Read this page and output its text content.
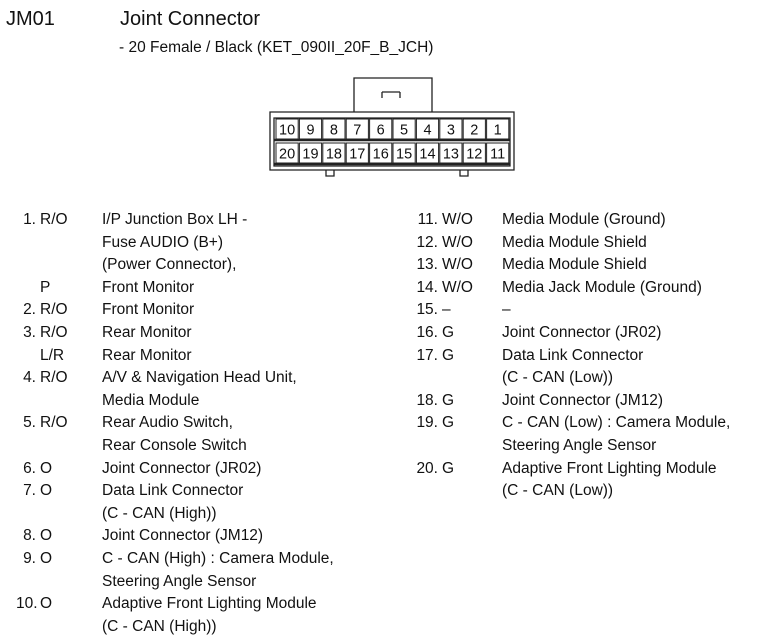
JM01	Joint Connector
- 20 Female / Black (KET_090II_20F_B_JCH)
10 9 8 7 6 5 4 3 2 1
20 19 18 17 16 15 14 13 12 11
1. R/O I/P Junction Box LH -
Fuse AUDIO (B+)
(Power Connector),
P	Front Monitor
2. R/O Front Monitor
3. R/O Rear Monitor
L/R Rear Monitor
4. R/O A/V & Navigation Head Unit,
Media Module
5. R/O Rear Audio Switch,
Rear Console Switch
6. O	Joint Connector (JR02)
7. O	Data Link Connector
(C - CAN (High))
8. O	Joint Connector (JM12)
9. O	C - CAN (High) : Camera Module,
Steering Angle Sensor
10. O	Adaptive Front Lighting Module
(C - CAN (High))
11. W/O Media Module (Ground)
12. W/O Media Module Shield
13. W/O Media Module Shield
14. W/O Media Jack Module (Ground)
15. –	–
16. G	Joint Connector (JR02)
17. G	Data Link Connector
(C - CAN (Low))
18. G	Joint Connector (JM12)
19. G	C - CAN (Low) : Camera Module,
Steering Angle Sensor
20. G	Adaptive Front Lighting Module
(C - CAN (Low))
